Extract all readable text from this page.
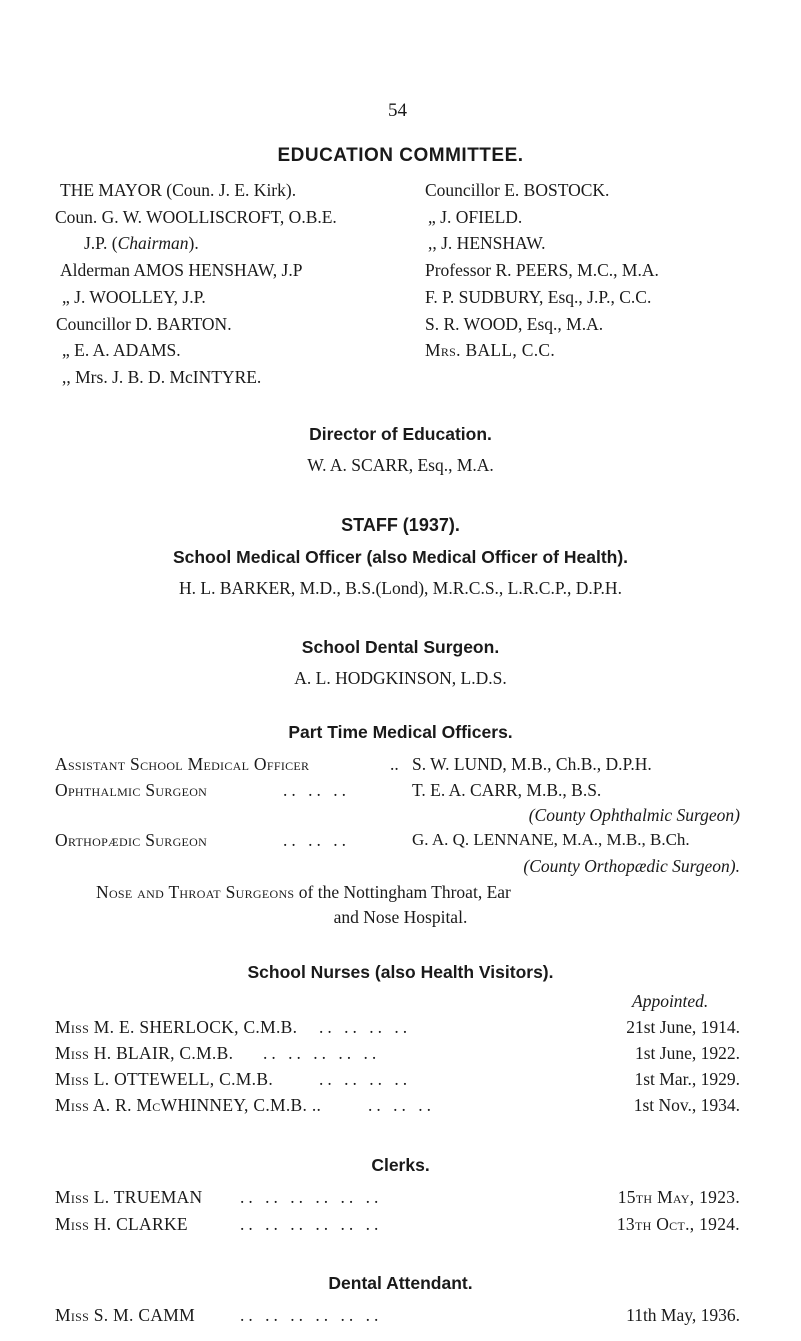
54
EDUCATION COMMITTEE.
THE MAYOR (Coun. J. E. Kirk).
Coun. G. W. WOOLLISCROFT, O.B.E.
J.P. (Chairman).
Alderman AMOS HENSHAW, J.P
„ J. WOOLLEY, J.P.
Councillor D. BARTON.
„ E. A. ADAMS.
,, Mrs. J. B. D. McINTYRE.
Councillor E. BOSTOCK.
„ J. OFIELD.
,, J. HENSHAW.
Professor R. PEERS, M.C., M.A.
F. P. SUDBURY, Esq., J.P., C.C.
S. R. WOOD, Esq., M.A.
Mrs. BALL, C.C.
Director of Education.
W. A. SCARR, Esq., M.A.
STAFF (1937).
School Medical Officer (also Medical Officer of Health).
H. L. BARKER, M.D., B.S.(Lond), M.R.C.S., L.R.C.P., D.P.H.
School Dental Surgeon.
A. L. HODGKINSON, L.D.S.
Part Time Medical Officers.
Assistant School Medical Officer	.. S. W. LUND, M.B., Ch.B., D.P.H.
Ophthalmic Surgeon	.. .. ..	T. E. A. CARR, M.B., B.S.
(County Ophthalmic Surgeon)
Orthopædic Surgeon	.. .. ..	G. A. Q. LENNANE, M.A., M.B., B.Ch.
(County Orthopædic Surgeon).
Nose and Throat Surgeons of the Nottingham Throat, Ear
and Nose Hospital.
School Nurses (also Health Visitors).
Appointed.
Miss M. E. SHERLOCK, C.M.B. .. .. .. ..	21st June, 1914.
Miss H. BLAIR, C.M.B. .. .. .. .. ..	1st June, 1922.
Miss L. OTTEWELL, C.M.B.	.. .. .. ..	1st Mar., 1929.
Miss A. R. McWHINNEY, C.M.B. ..	.. .. ..	1st Nov., 1934.
Clerks.
Miss L. TRUEMAN .. .. .. .. .. ..	15th May, 1923.
Miss H. CLARKE	.. .. .. .. .. ..	13th Oct., 1924.
Dental Attendant.
Miss S. M. CAMM	.. .. .. .. .. ..	11th May, 1936.
